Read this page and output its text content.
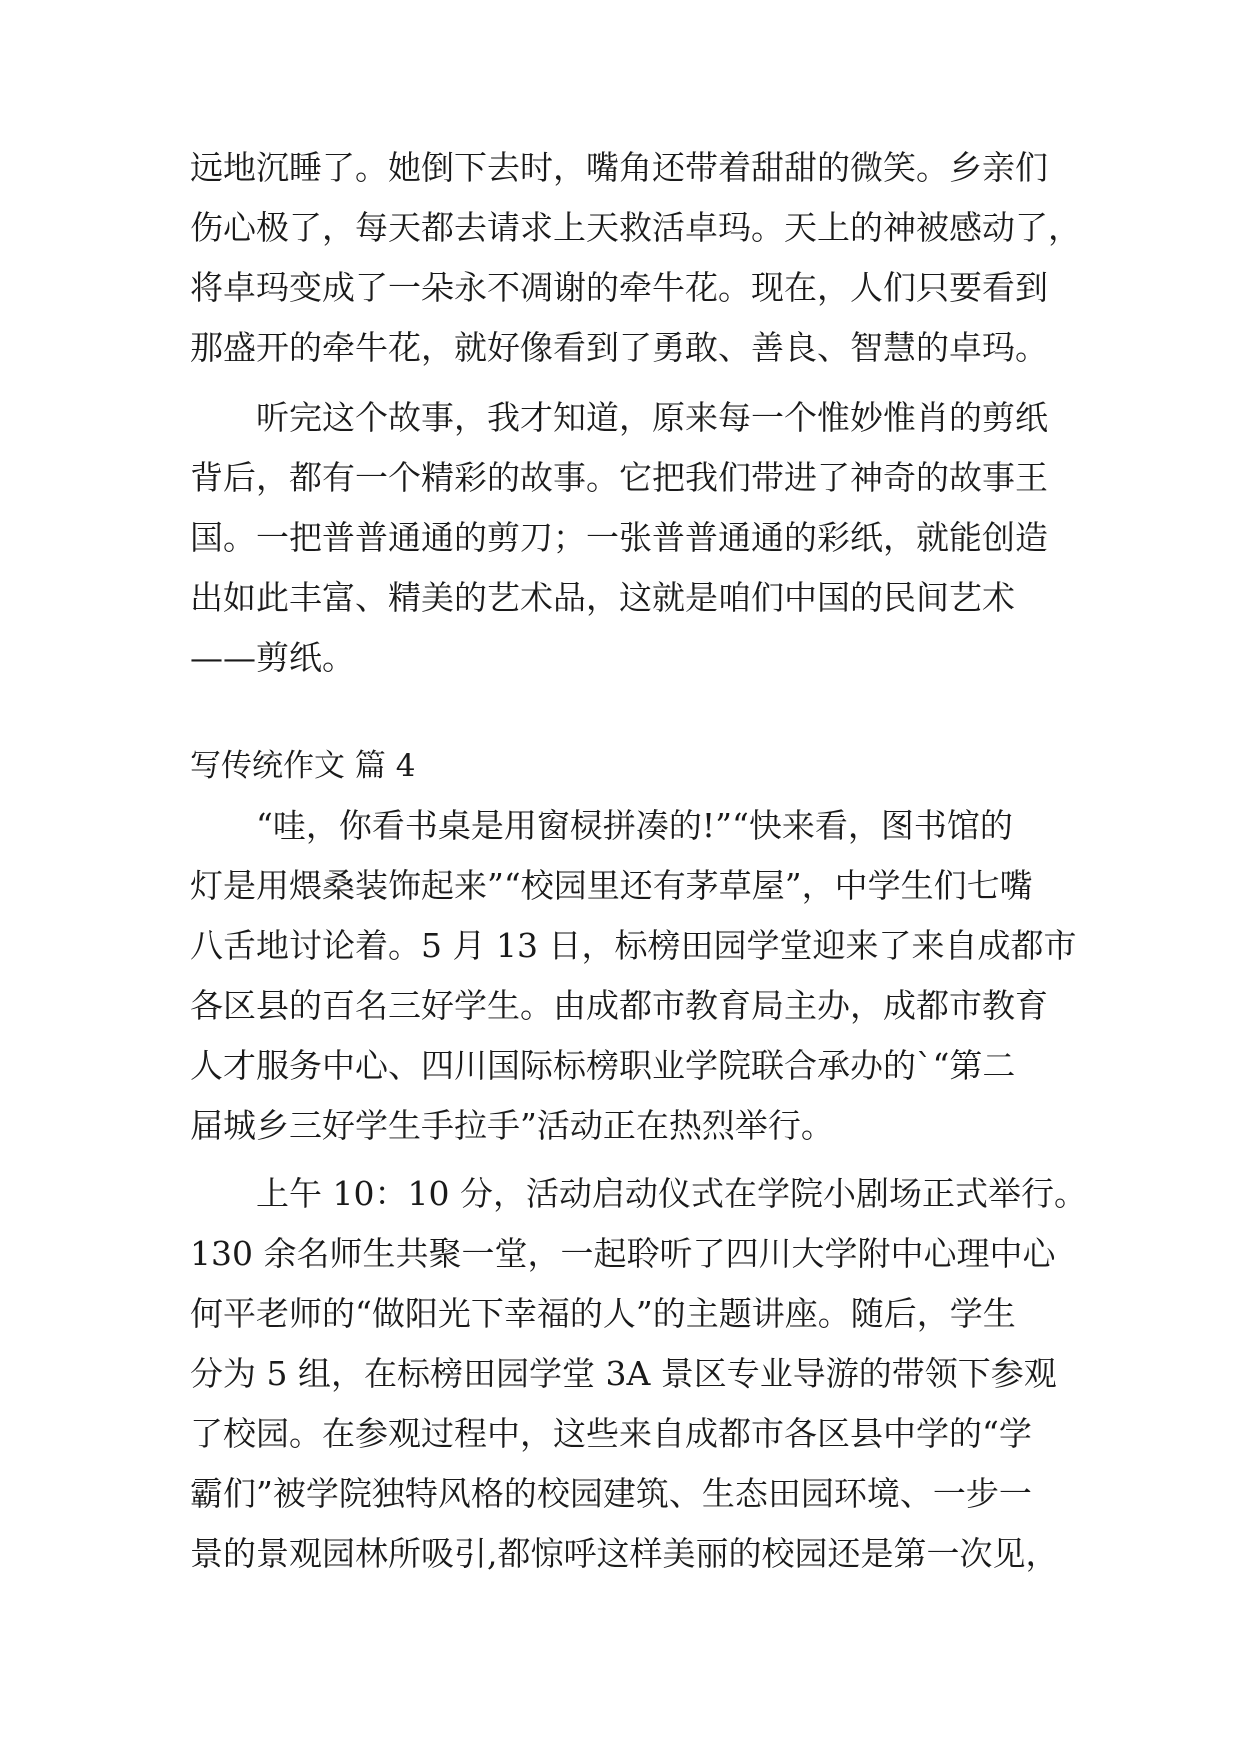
远地沉睡了。她倒下去时，嘴角还带着甜甜的微笑。乡亲们

伤心极了，每天都去请求上天救活卓玛。天上的神被感动了，

将卓玛变成了一朵永不凋谢的牵牛花。现在，人们只要看到

那盛开的牵牛花，就好像看到了勇敢、善良、智慧的卓玛。

　　听完这个故事，我才知道，原来每一个惟妙惟肖的剪纸

背后，都有一个精彩的故事。它把我们带进了神奇的故事王

国。一把普普通通的剪刀；一张普普通通的彩纸，就能创造

出如此丰富、精美的艺术品，这就是咱们中国的民间艺术

——剪纸。

写传统作文 篇 4

　　“哇，你看书桌是用窗棂拼凑的!”“快来看，图书馆的

灯是用煨桑装饰起来”“校园里还有茅草屋”，中学生们七嘴

八舌地讨论着。5 月 13 日，标榜田园学堂迎来了来自成都市

各区县的百名三好学生。由成都市教育局主办，成都市教育

人才服务中心、四川国际标榜职业学院联合承办的`“第二

届城乡三好学生手拉手”活动正在热烈举行。

　　上午 10：10 分，活动启动仪式在学院小剧场正式举行。

130 余名师生共聚一堂，一起聆听了四川大学附中心理中心

何平老师的“做阳光下幸福的人”的主题讲座。随后，学生

分为 5 组，在标榜田园学堂 3A 景区专业导游的带领下参观

了校园。在参观过程中，这些来自成都市各区县中学的“学

霸们”被学院独特风格的校园建筑、生态田园环境、一步一

景的景观园林所吸引,都惊呼这样美丽的校园还是第一次见，
